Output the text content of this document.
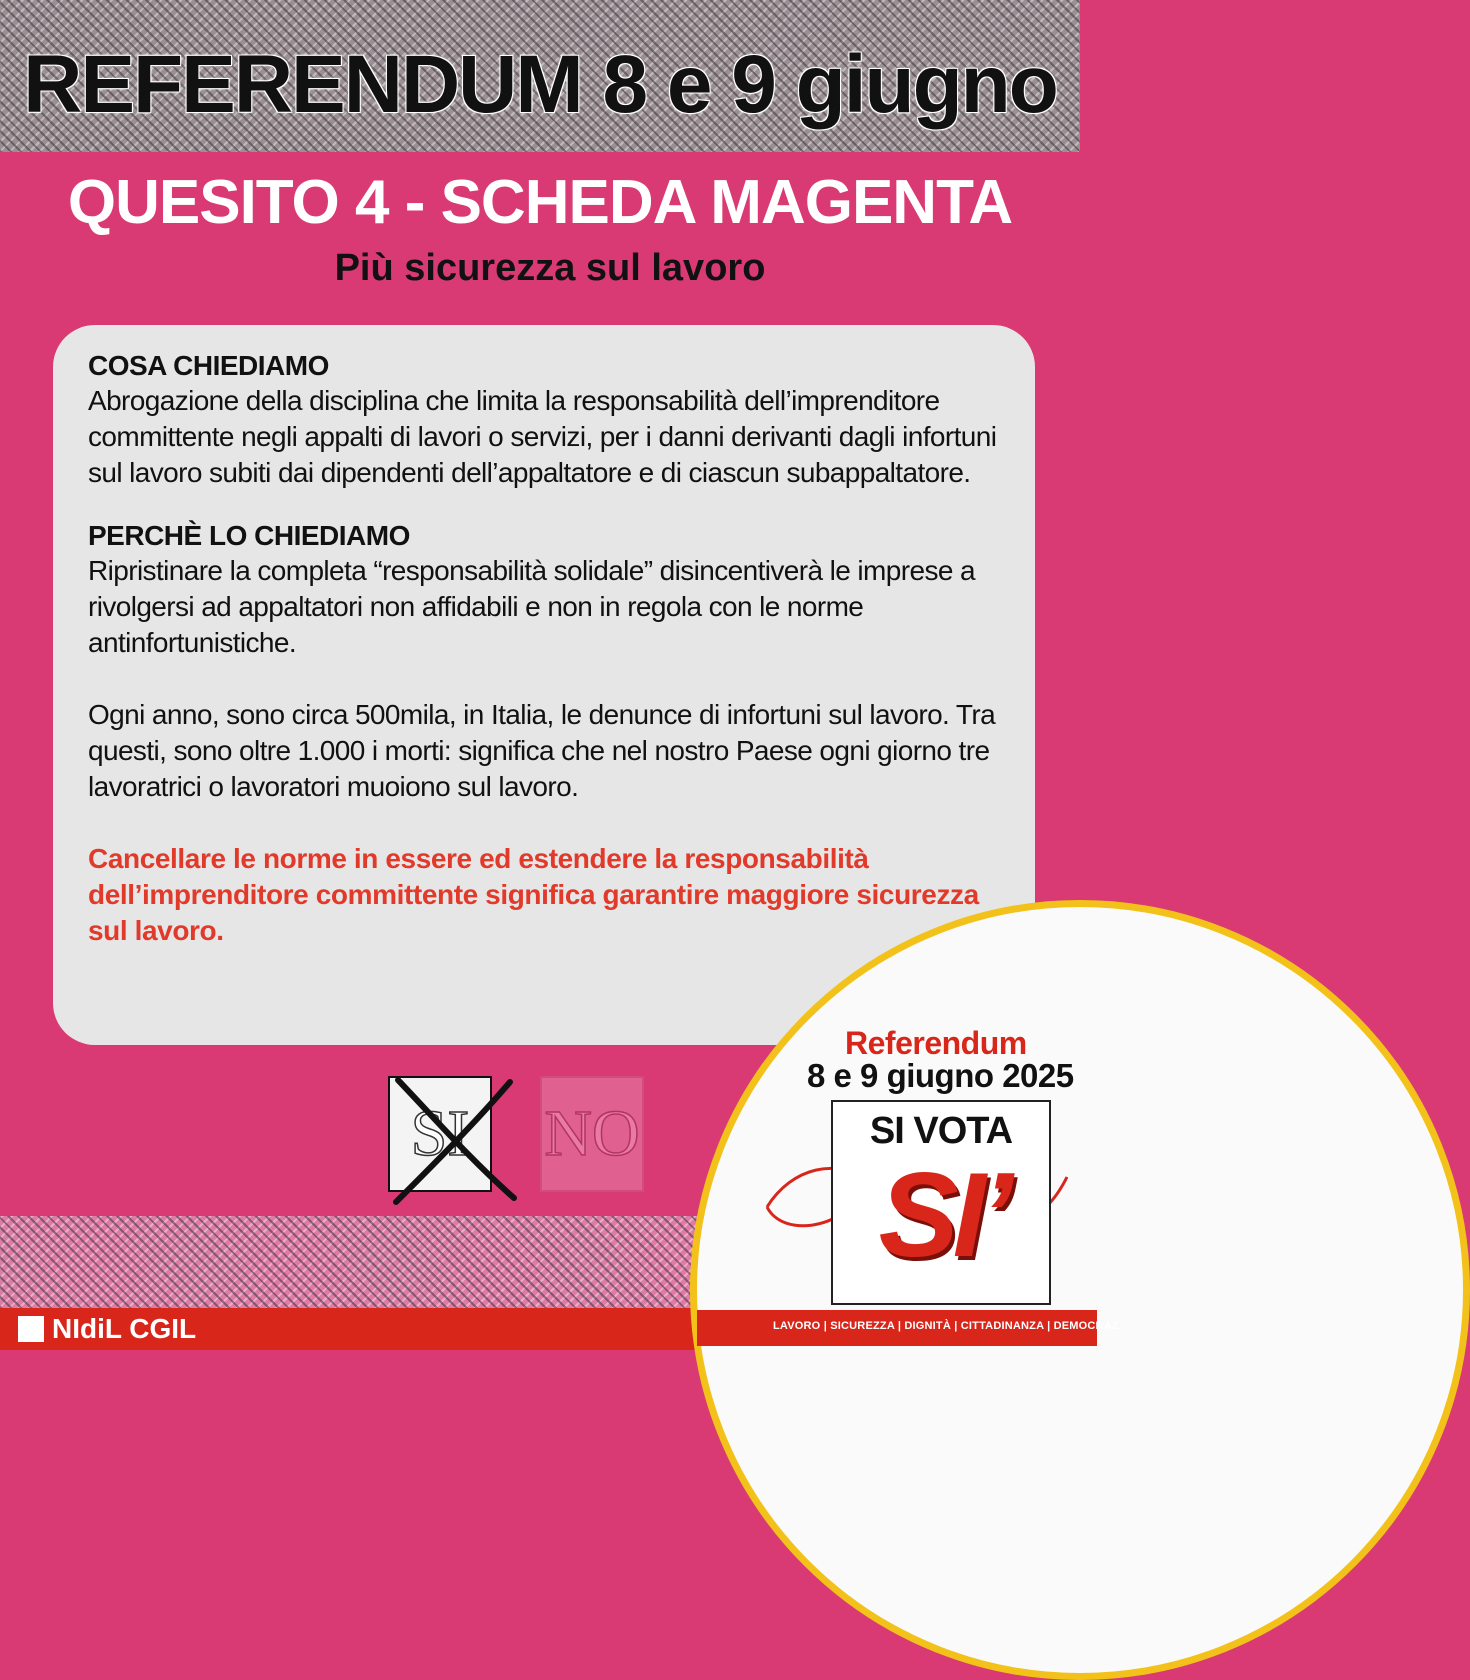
REFERENDUM 8 e 9 giugno
QUESITO 4 - SCHEDA MAGENTA
Più sicurezza sul lavoro

COSA CHIEDIAMO

Abrogazione della disciplina che limita la responsabilità dell’imprenditore committente negli appalti di lavori o servizi, per i danni derivanti dagli infortuni sul lavoro subiti dai dipendenti dell’appaltatore e di ciascun subappaltatore.

PERCHÈ LO CHIEDIAMO

Ripristinare la completa “responsabilità solidale” disincentiverà le imprese a rivolgersi ad appaltatori non affidabili e non in regola con le norme antinfortunistiche.

Ogni anno, sono circa 500mila, in Italia, le denunce di infortuni sul lavoro. Tra questi, sono oltre 1.000 i morti: significa che nel nostro Paese ogni giorno tre lavoratrici o lavoratori muoiono sul lavoro.

Cancellare le norme in essere ed estendere la responsabilità dell’imprenditore committente significa garantire maggiore sicurezza sul lavoro.

SI NO
NIdiL CGIL
Referendum
8 e 9 giugno 2025
SI VOTA
SI’
LAVORO | SICUREZZA | DIGNITÀ | CITTADINANZA | DEMOCRAZ
